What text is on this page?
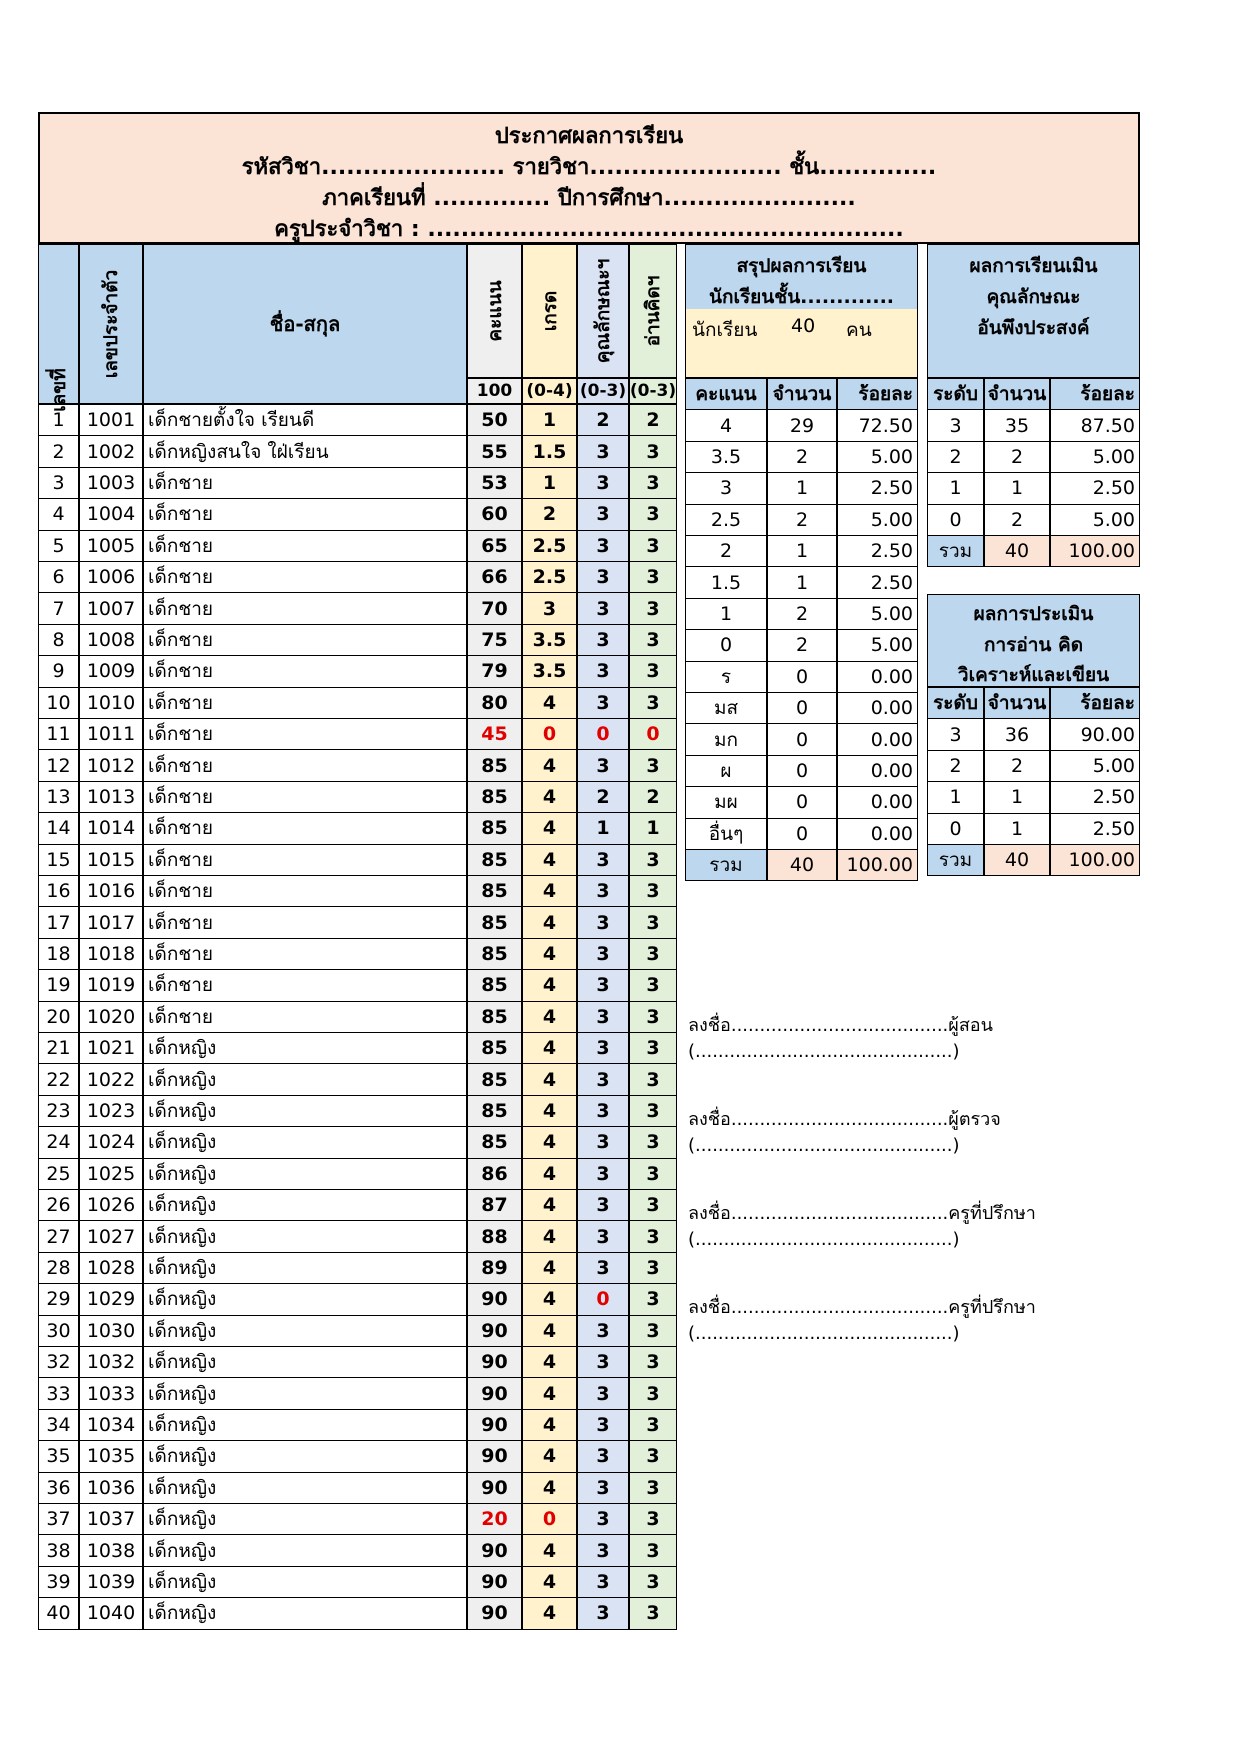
ประกาศผลการเรียน
รหัสวิชา...................... รายวิชา....................... ชั้น..............
ภาคเรียนที่ .............. ปีการศึกษา.......................
ครูประจำวิชา : .........................................................
เลขที่
เลขประจำตัว	ชื่อ-สกุล	คะแนน เกรด คุณลักษณะฯ อ่านคิดฯ
100 (0-4) (0-3) (0-3)
1	1001 เด็กชายตั้งใจ เรียนดี	50	1	2	2
2	1002 เด็กหญิงสนใจ ใฝ่เรียน	55	1.5	3	3
3	1003 เด็กชาย	53	1	3	3
4	1004 เด็กชาย	60	2	3	3
5	1005 เด็กชาย	65	2.5	3	3
6	1006 เด็กชาย	66	2.5	3	3
7	1007 เด็กชาย	70	3	3	3
8	1008 เด็กชาย	75	3.5	3	3
9	1009 เด็กชาย	79	3.5	3	3
10 1010 เด็กชาย	80	4	3	3
11 1011 เด็กชาย	45	0	0	0
12 1012 เด็กชาย	85	4	3	3
13 1013 เด็กชาย	85	4	2	2
14 1014 เด็กชาย	85	4	1	1
15 1015 เด็กชาย	85	4	3	3
16 1016 เด็กชาย	85	4	3	3
17 1017 เด็กชาย	85	4	3	3
18 1018 เด็กชาย	85	4	3	3
19 1019 เด็กชาย	85	4	3	3
20 1020 เด็กชาย	85	4	3	3
21 1021 เด็กหญิง	85	4	3	3
22 1022 เด็กหญิง	85	4	3	3
23 1023 เด็กหญิง	85	4	3	3
24 1024 เด็กหญิง	85	4	3	3
25 1025 เด็กหญิง	86	4	3	3
26 1026 เด็กหญิง	87	4	3	3
27 1027 เด็กหญิง	88	4	3	3
28 1028 เด็กหญิง	89	4	3	3
29 1029 เด็กหญิง	90	4	0	3
30 1030 เด็กหญิง	90	4	3	3
32 1032 เด็กหญิง	90	4	3	3
33 1033 เด็กหญิง	90	4	3	3
34 1034 เด็กหญิง	90	4	3	3
35 1035 เด็กหญิง	90	4	3	3
36 1036 เด็กหญิง	90	4	3	3
37 1037 เด็กหญิง	20	0	3	3
38 1038 เด็กหญิง	90	4	3	3
39 1039 เด็กหญิง	90	4	3	3
40 1040 เด็กหญิง	90	4	3	3
สรุปผลการเรียน
นักเรียนชั้น.............
นักเรียน 40 คน
คะแนน จำนวน	ร้อยละ
4	29	72.50
3.5	2	5.00
3	1	2.50
2.5	2	5.00
2	1	2.50
1.5	1	2.50
1	2	5.00
0	2	5.00
ร	0	0.00
มส	0	0.00
มก	0	0.00
ผ	0	0.00
มผ	0	0.00
อื่นๆ	0	0.00
รวม	40	100.00
ผลการเรียนเมิน
คุณลักษณะ
อันพึงประสงค์
ระดับ จำนวน	ร้อยละ
3	35	87.50
2	2	5.00
1	1	2.50
0	2	5.00
รวม	40	100.00
ผลการประเมิน
การอ่าน คิด
วิเคราะห์และเขียน
ระดับ จำนวน	ร้อยละ
3	36	90.00
2	2	5.00
1	1	2.50
0	1	2.50
รวม	40	100.00
ลงชื่อ......................................ผู้สอน
(.............................................)
ลงชื่อ......................................ผู้ตรวจ
(.............................................)
ลงชื่อ......................................ครูที่ปรึกษา
(.............................................)
ลงชื่อ......................................ครูที่ปรึกษา
(.............................................)
